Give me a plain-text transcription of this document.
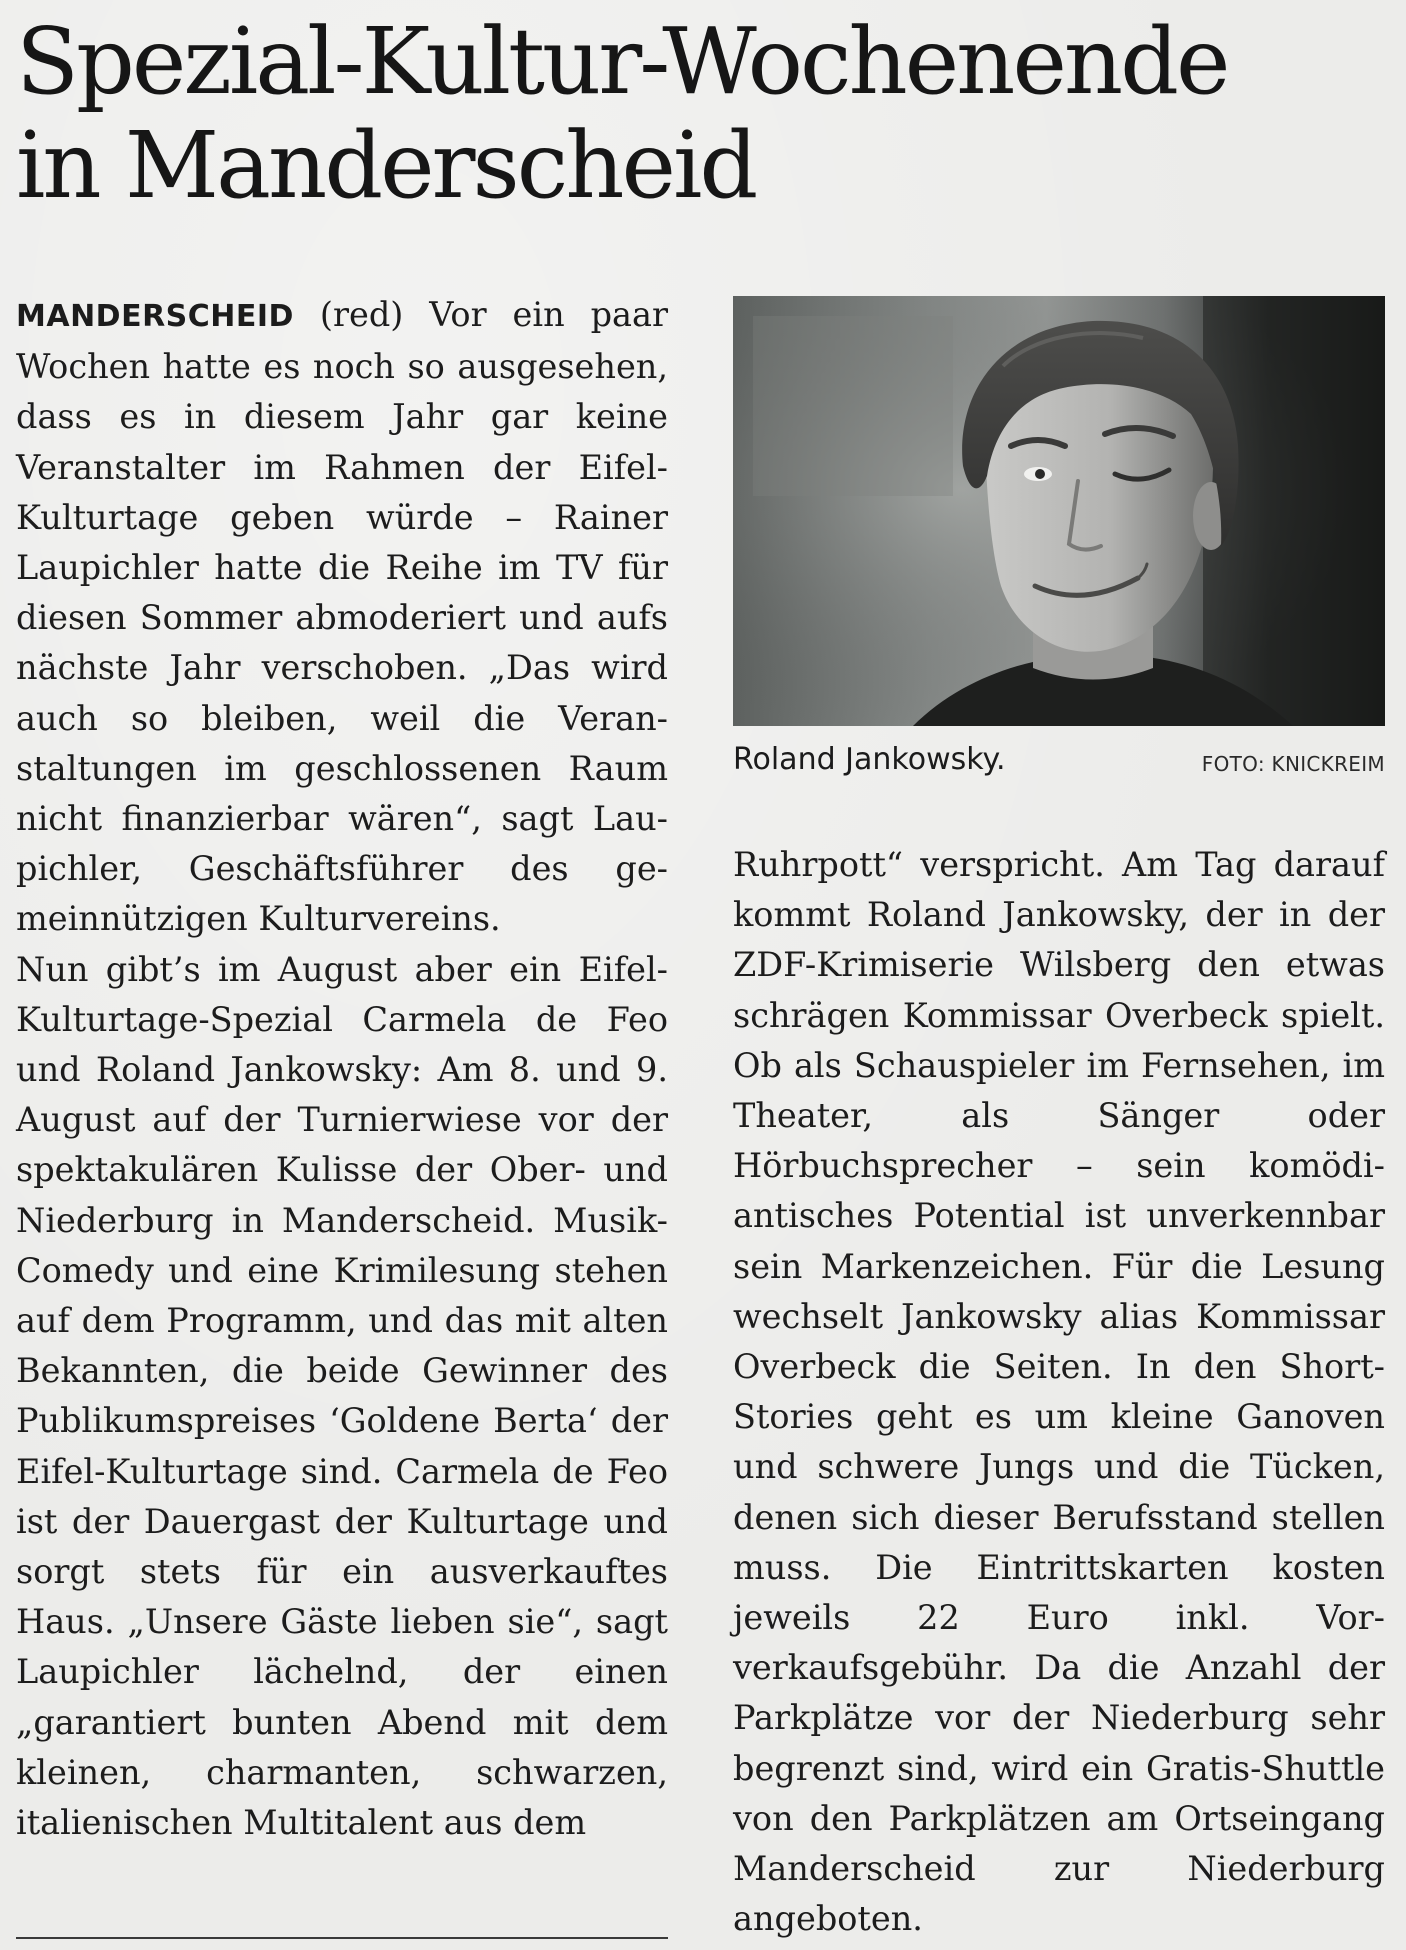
Spezial-Kultur-Wochenende
in Manderscheid

MANDERSCHEID (red) Vor ein paar Wochen hatte es noch so ausgesehen, dass es in diesem Jahr gar keine Veranstalter im Rahmen der Eifel-Kulturtage geben würde – Rainer Laupichler hatte die Reihe im TV für diesen Sommer abmoderiert und aufs nächste Jahr verschoben. „Das wird auch so bleiben, weil die Veranstaltungen im geschlossenen Raum nicht finanzierbar wären“, sagt Laupichler, Geschäftsführer des gemeinnützigen Kulturvereins.

Nun gibt’s im August aber ein Eifel-Kulturtage-Spezial Carmela de Feo und Roland Jankowsky: Am 8. und 9. August auf der Turnierwiese vor der spektakulären Kulisse der Ober- und Niederburg in Manderscheid. Musik-Comedy und eine Krimilesung stehen auf dem Programm, und das mit alten Bekannten, die beide Gewinner des Publikumspreises ‘Goldene Berta‘ der Eifel-Kulturtage sind. Carmela de Feo ist der Dauergast der Kulturtage und sorgt stets für ein ausverkauftes Haus. „Unsere Gäste lieben sie“, sagt Laupichler lächelnd, der einen „garantiert bunten Abend mit dem kleinen, charmanten, schwarzen, italienischen Multitalent aus dem

Roland Jankowsky.	FOTO: KNICKREIM

Ruhrpott“ verspricht. Am Tag darauf kommt Roland Jankowsky, der in der ZDF-Krimiserie Wilsberg den etwas schrägen Kommissar Overbeck spielt. Ob als Schauspieler im Fernsehen, im Theater, als Sänger oder Hörbuchsprecher – sein komödiantisches Potential ist unverkennbar sein Markenzeichen. Für die Lesung wechselt Jankowsky alias Kommissar Overbeck die Seiten. In den Short-Stories geht es um kleine Ganoven und schwere Jungs und die Tücken, denen sich dieser Berufsstand stellen muss. Die Eintrittskarten kosten jeweils 22 Euro inkl. Vorverkaufsgebühr. Da die Anzahl der Parkplätze vor der Niederburg sehr begrenzt sind, wird ein Gratis-Shuttle von den Parkplätzen am Ortseingang Manderscheid zur Niederburg angeboten.
